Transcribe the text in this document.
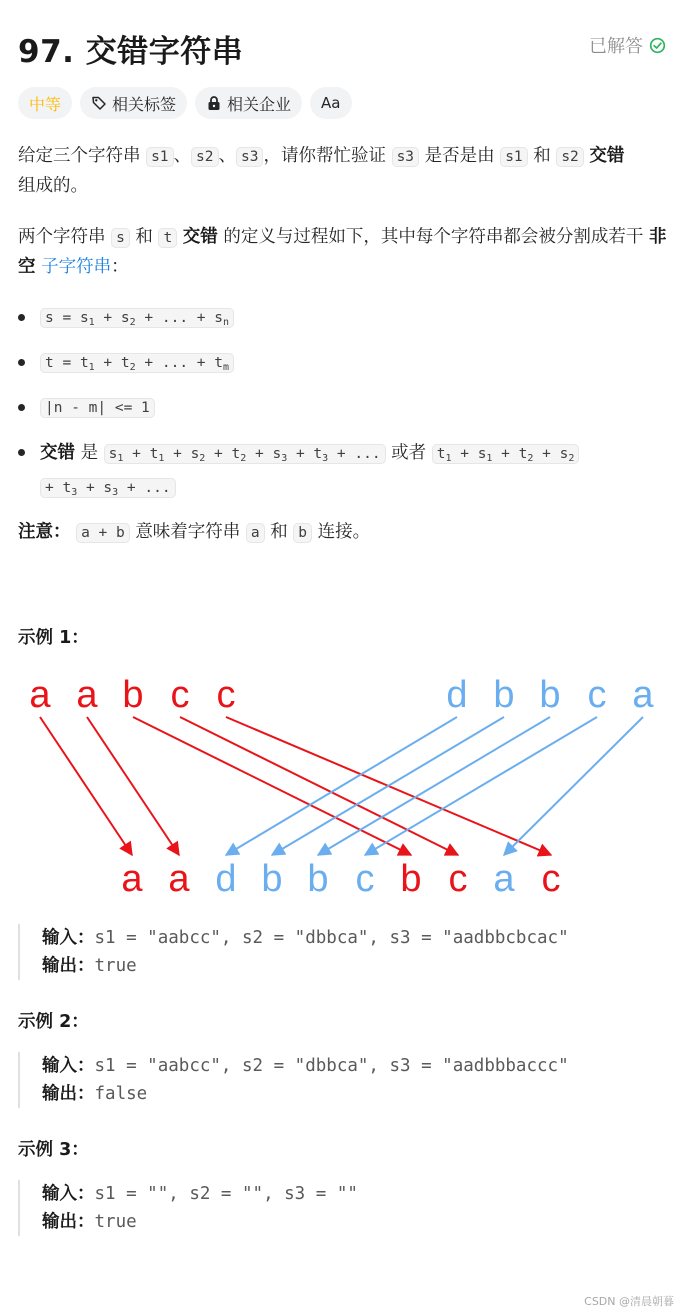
97. 交错字符串	已解答
中等	相关标签	相关企业 Aa
给定三个字符串 s1 、 s2 、 s3 ，请你帮忙验证 s3 是否是由 s1 和 s2 交错
组成的。
两个字符串 s 和 t 交错 的定义与过程如下，其中每个字符串都会被分割成若干 非空 子字符串：
$s = s_1 + s_2$ + ... + $s_n$
$t = t_1 + t_2$ + ... + $t_m$
|n - m| <= 1
交错 是 $s_1 + t_1 + s_2 + t_2 + s_3 + t_3$ + ... 或者 $t_1 + s_1 + t_2 + s_2$
+ $t_3 + s_3$ + ...
注意： a + b 意味着字符串 a 和 b 连接。
示例 1：
a a b c c	d b b c a
a a d b b c b c a c
输入：s1 = "aabcc", s2 = "dbbca", s3 = "aadbbcbcac"
输出：true
示例 2：
输入：s1 = "aabcc", s2 = "dbbca", s3 = "aadbbbaccc"
输出：false
示例 3：
输入：s1 = "", s2 = "", s3 = ""
输出：true
CSDN @清晨朝暮
